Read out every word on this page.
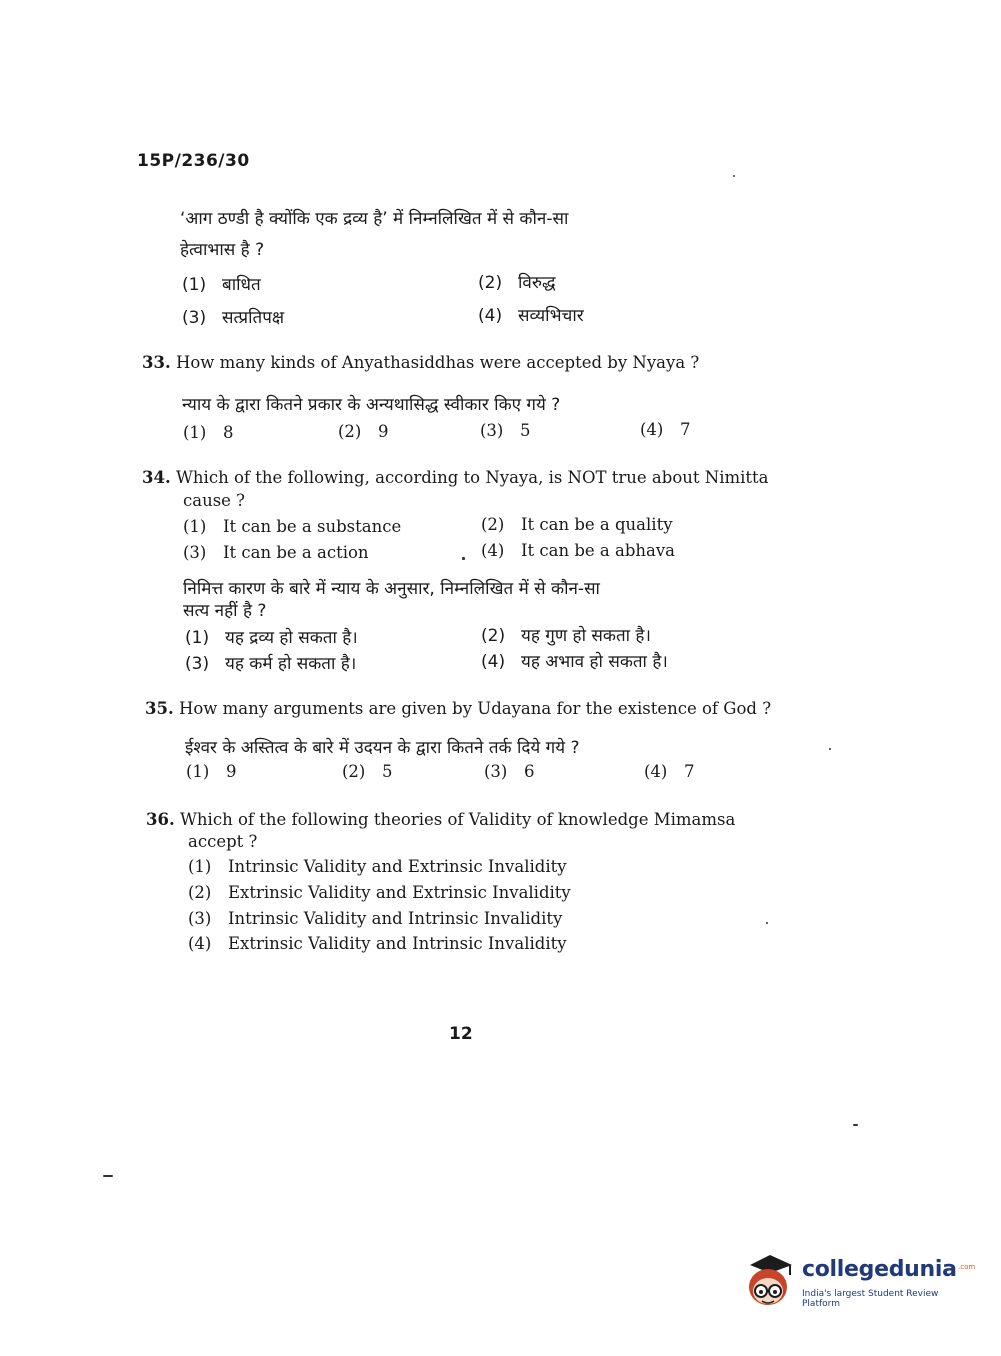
15P/236/30
‘आग ठण्डी है क्योंकि एक द्रव्य है’ में निम्नलिखित में से कौन-सा
हेत्वाभास है ?
(1) बाधित	(2) विरुद्ध
(3) सत्प्रतिपक्ष	(4) सव्यभिचार
33. How many kinds of Anyathasiddhas were accepted by Nyaya ?
न्याय के द्वारा कितने प्रकार के अन्यथासिद्ध स्वीकार किए गये ?
(1) 8	(2) 9	(3) 5	(4) 7
34. Which of the following, according to Nyaya, is NOT true about Nimitta
cause ?
(1) It can be a substance	(2) It can be a quality
(3) It can be a action	(4) It can be a abhava
निमित्त कारण के बारे में न्याय के अनुसार, निम्नलिखित में से कौन-सा
सत्य नहीं है ?
(1) यह द्रव्य हो सकता है।	(2) यह गुण हो सकता है।
(3) यह कर्म हो सकता है।	(4) यह अभाव हो सकता है।
35. How many arguments are given by Udayana for the existence of God ?
ईश्वर के अस्तित्व के बारे में उदयन के द्वारा कितने तर्क दिये गये ?
(1) 9	(2) 5	(3) 6	(4) 7
36. Which of the following theories of Validity of knowledge Mimamsa
accept ?
(1) Intrinsic Validity and Extrinsic Invalidity
(2) Extrinsic Validity and Extrinsic Invalidity
(3) Intrinsic Validity and Intrinsic Invalidity
(4) Extrinsic Validity and Intrinsic Invalidity
12
collegedunia .com
India's largest Student Review Platform
